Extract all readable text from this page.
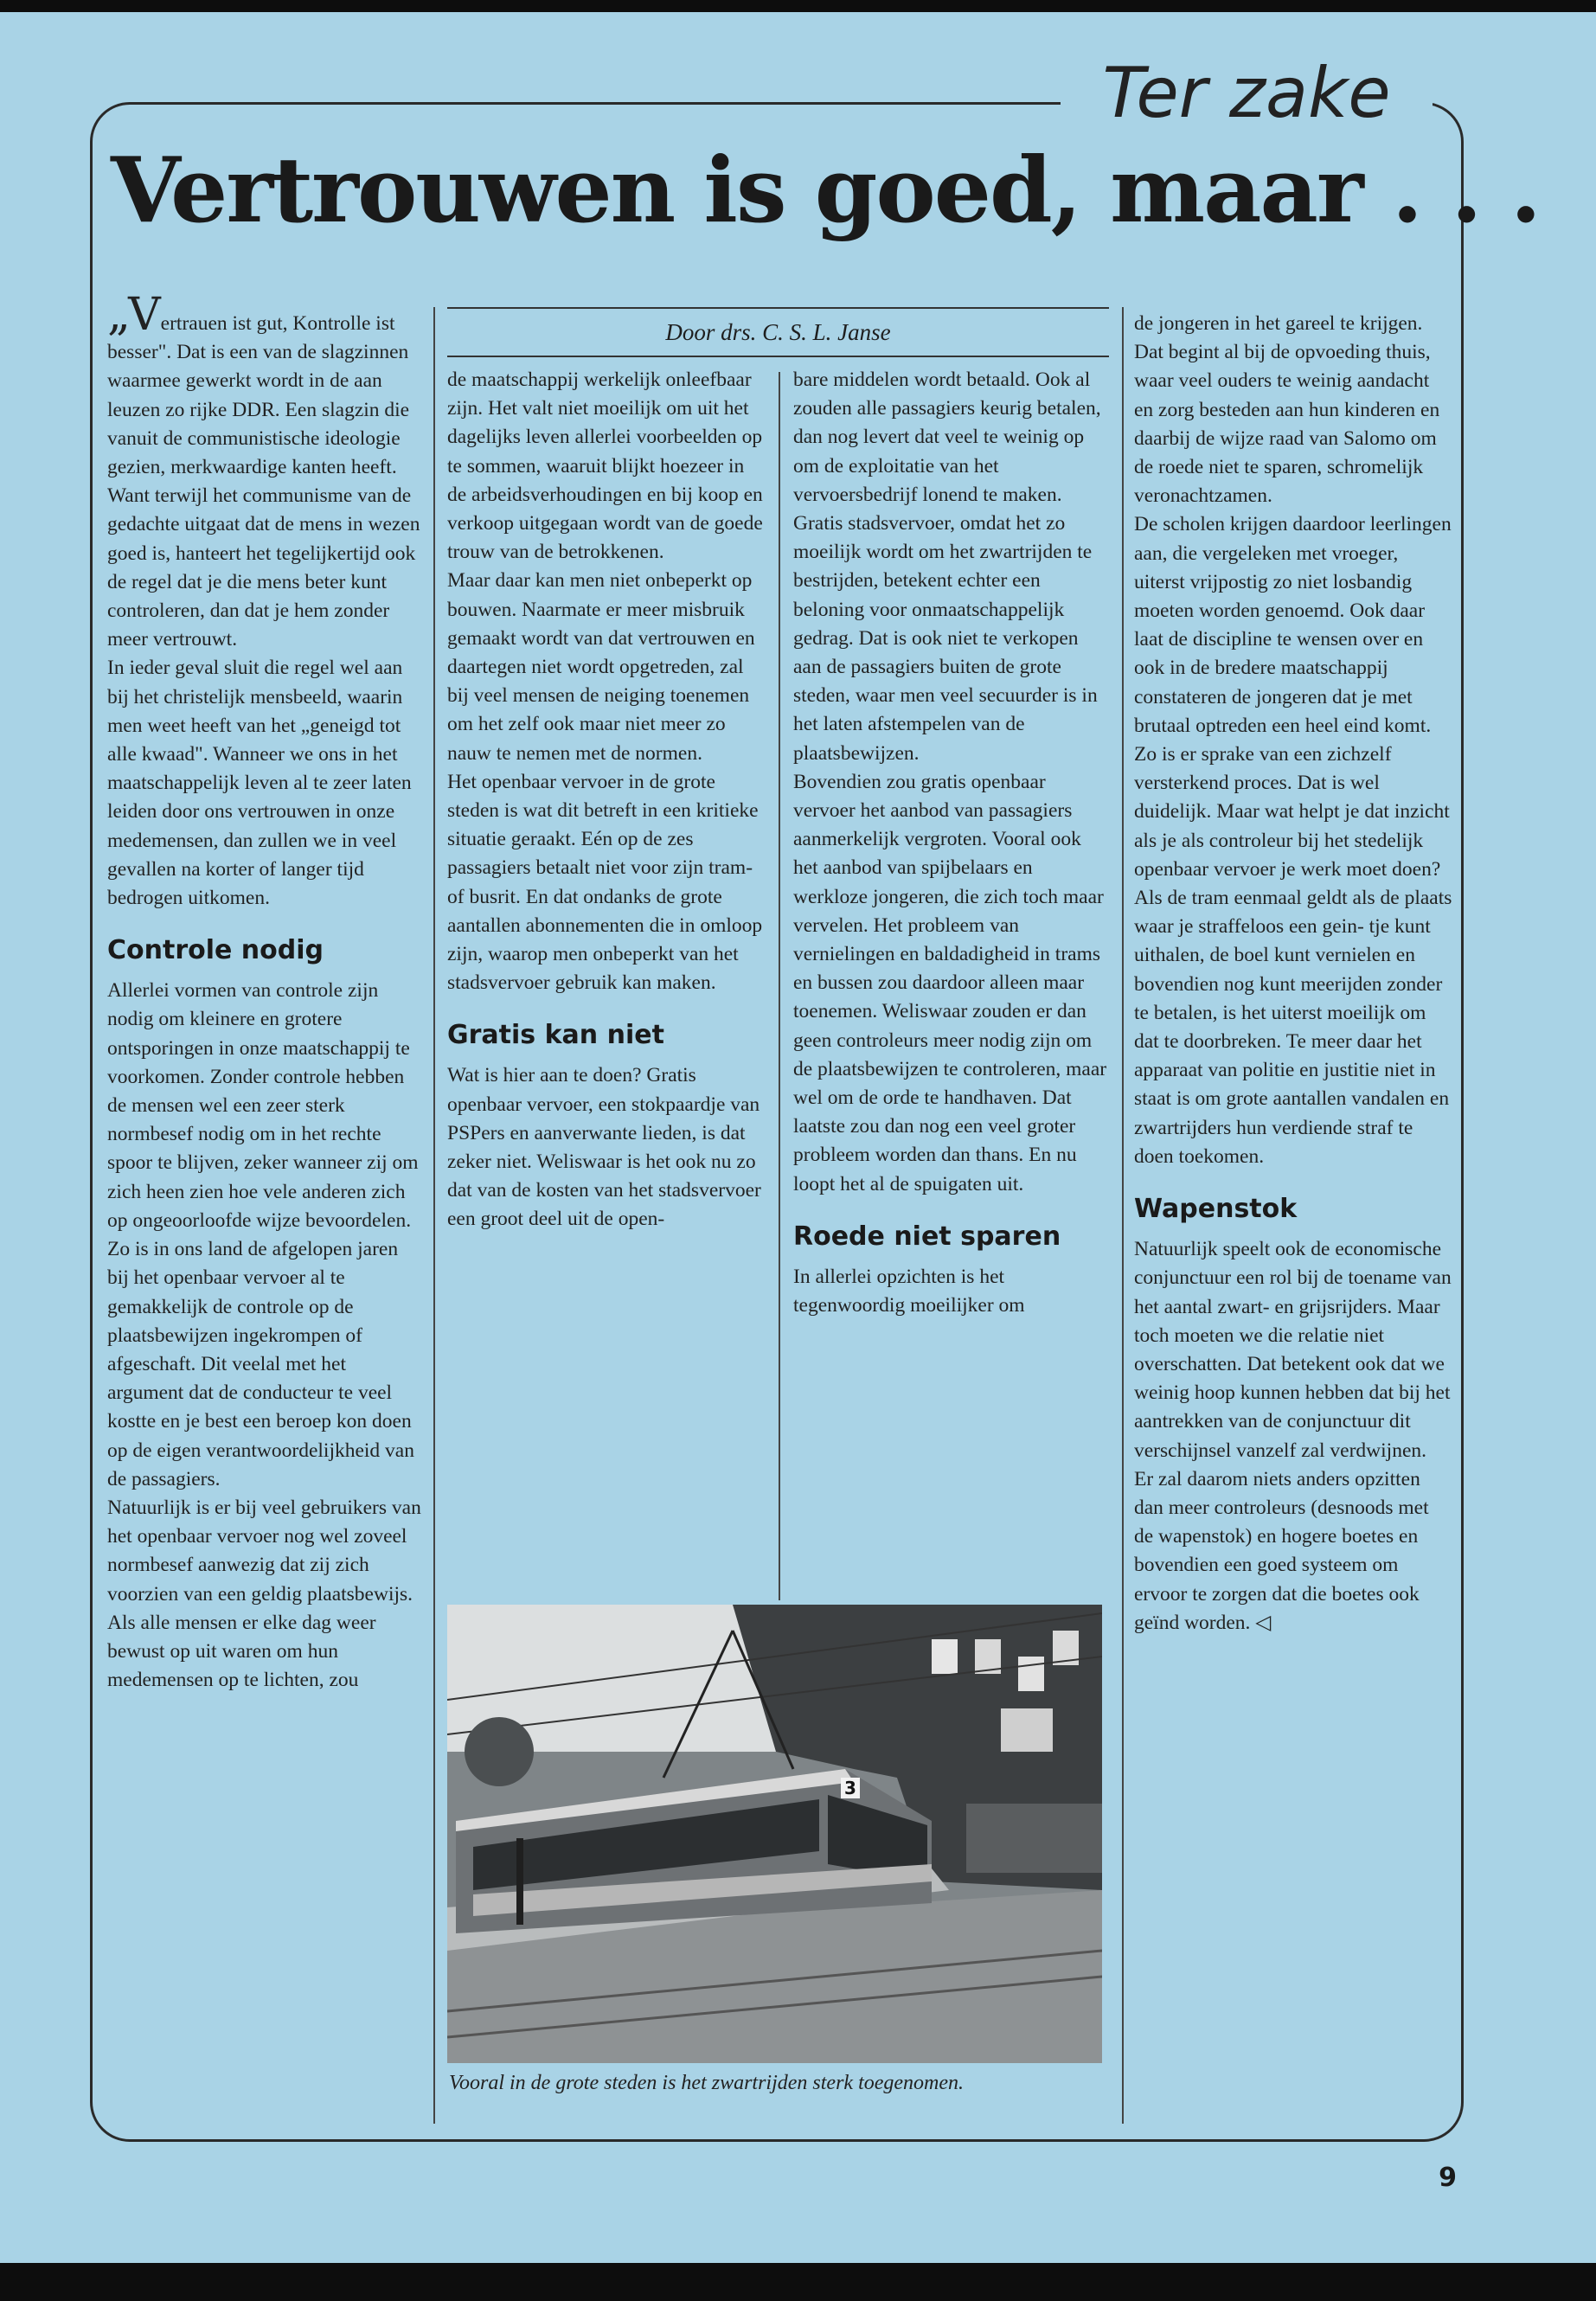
Ter zake
Vertrouwen is goed, maar . . .
Door drs. C. S. L. Janse

„Vertrauen ist gut, Kontrolle ist besser". Dat is een van de slagzinnen waarmee gewerkt wordt in de aan leuzen zo rijke DDR. Een slagzin die vanuit de communistische ideologie gezien, merkwaardige kanten heeft. Want terwijl het communisme van de gedachte uitgaat dat de mens in wezen goed is, hanteert het tegelijkertijd ook de regel dat je die mens beter kunt controleren, dan dat je hem zonder meer vertrouwt.

In ieder geval sluit die regel wel aan bij het christelijk mensbeeld, waarin men weet heeft van het „geneigd tot alle kwaad". Wanneer we ons in het maatschappelijk leven al te zeer laten leiden door ons vertrouwen in onze medemensen, dan zullen we in veel gevallen na korter of langer tijd bedrogen uitkomen.

Controle nodig

Allerlei vormen van controle zijn nodig om kleinere en grotere ontsporingen in onze maatschappij te voorkomen. Zonder controle hebben de mensen wel een zeer sterk normbesef nodig om in het rechte spoor te blijven, zeker wanneer zij om zich heen zien hoe vele anderen zich op ongeoorloofde wijze bevoordelen.

Zo is in ons land de afgelopen jaren bij het openbaar vervoer al te gemakkelijk de controle op de plaatsbewijzen ingekrompen of afgeschaft. Dit veelal met het argument dat de conducteur te veel kostte en je best een beroep kon doen op de eigen verantwoordelijkheid van de passagiers.

Natuurlijk is er bij veel gebruikers van het openbaar vervoer nog wel zoveel normbesef aanwezig dat zij zich voorzien van een geldig plaatsbewijs. Als alle mensen er elke dag weer bewust op uit waren om hun medemensen op te lichten, zou

de maatschappij werkelijk onleefbaar zijn. Het valt niet moeilijk om uit het dagelijks leven allerlei voorbeelden op te sommen, waaruit blijkt hoezeer in de arbeidsverhoudingen en bij koop en verkoop uitgegaan wordt van de goede trouw van de betrokkenen.

Maar daar kan men niet onbeperkt op bouwen. Naarmate er meer misbruik gemaakt wordt van dat vertrouwen en daartegen niet wordt opgetreden, zal bij veel mensen de neiging toenemen om het zelf ook maar niet meer zo nauw te nemen met de normen.

Het openbaar vervoer in de grote steden is wat dit betreft in een kritieke situatie geraakt. Eén op de zes passagiers betaalt niet voor zijn tram- of busrit. En dat ondanks de grote aantallen abonnementen die in omloop zijn, waarop men onbeperkt van het stadsvervoer gebruik kan maken.

Gratis kan niet

Wat is hier aan te doen? Gratis openbaar vervoer, een stokpaardje van PSPers en aanverwante lieden, is dat zeker niet. Weliswaar is het ook nu zo dat van de kosten van het stadsvervoer een groot deel uit de open-

bare middelen wordt betaald. Ook al zouden alle passagiers keurig betalen, dan nog levert dat veel te weinig op om de exploitatie van het vervoersbedrijf lonend te maken.

Gratis stadsvervoer, omdat het zo moeilijk wordt om het zwartrijden te bestrijden, betekent echter een beloning voor onmaatschappelijk gedrag. Dat is ook niet te verkopen aan de passagiers buiten de grote steden, waar men veel secuurder is in het laten afstempelen van de plaatsbewijzen.

Bovendien zou gratis openbaar vervoer het aanbod van passagiers aanmerkelijk vergroten. Vooral ook het aanbod van spijbelaars en werkloze jongeren, die zich toch maar vervelen. Het probleem van vernielingen en baldadigheid in trams en bussen zou daardoor alleen maar toenemen. Weliswaar zouden er dan geen controleurs meer nodig zijn om de plaatsbewijzen te controleren, maar wel om de orde te handhaven. Dat laatste zou dan nog een veel groter probleem worden dan thans. En nu loopt het al de spuigaten uit.

Roede niet sparen

In allerlei opzichten is het tegenwoordig moeilijker om

de jongeren in het gareel te krijgen. Dat begint al bij de opvoeding thuis, waar veel ouders te weinig aandacht en zorg besteden aan hun kinderen en daarbij de wijze raad van Salomo om de roede niet te sparen, schromelijk veronachtzamen.

De scholen krijgen daardoor leerlingen aan, die vergeleken met vroeger, uiterst vrijpostig zo niet losbandig moeten worden genoemd. Ook daar laat de discipline te wensen over en ook in de bredere maatschappij constateren de jongeren dat je met brutaal optreden een heel eind komt.

Zo is er sprake van een zichzelf versterkend proces. Dat is wel duidelijk. Maar wat helpt je dat inzicht als je als controleur bij het stedelijk openbaar vervoer je werk moet doen? Als de tram eenmaal geldt als de plaats waar je straffeloos een gein- tje kunt uithalen, de boel kunt vernielen en bovendien nog kunt meerijden zonder te betalen, is het uiterst moeilijk om dat te doorbreken. Te meer daar het apparaat van politie en justitie niet in staat is om grote aantallen vandalen en zwartrijders hun verdiende straf te doen toekomen.

Wapenstok

Natuurlijk speelt ook de economische conjunctuur een rol bij de toename van het aantal zwart- en grijsrijders. Maar toch moeten we die relatie niet overschatten. Dat betekent ook dat we weinig hoop kunnen hebben dat bij het aantrekken van de conjunctuur dit verschijnsel vanzelf zal verdwijnen.

Er zal daarom niets anders opzitten dan meer controleurs (desnoods met de wapenstok) en hogere boetes en bovendien een goed systeem om ervoor te zorgen dat die boetes ook geïnd worden. ◁

3
Vooral in de grote steden is het zwartrijden sterk toegenomen.
9
